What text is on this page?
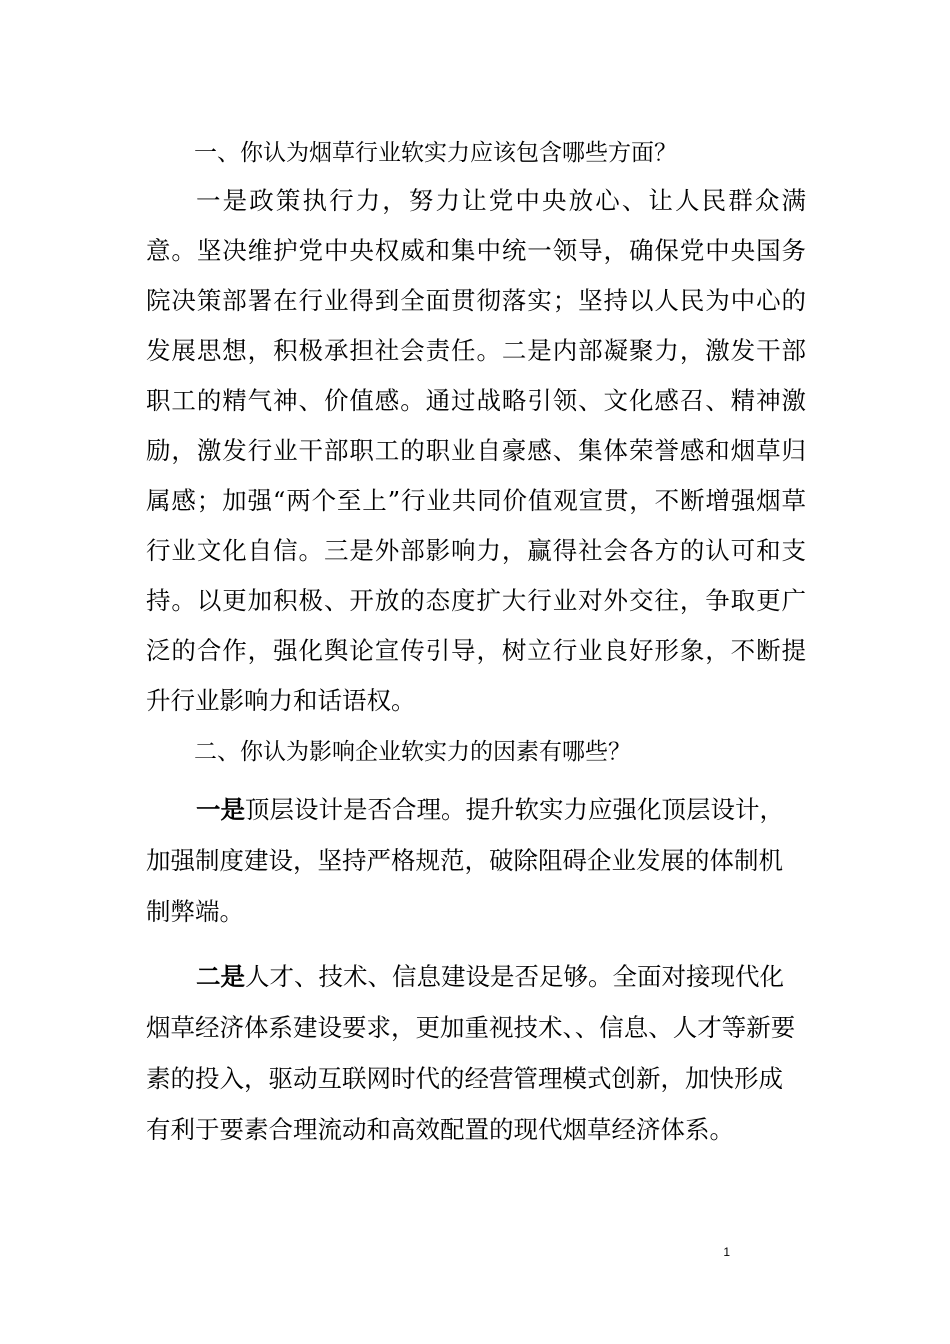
一、你认为烟草行业软实力应该包含哪些方面？
一是政策执行力，努力让党中央放心、让人民群众满意。坚决维护党中央权威和集中统一领导，确保党中央国务院决策部署在行业得到全面贯彻落实；坚持以人民为中心的发展思想，积极承担社会责任。二是内部凝聚力，激发干部职工的精气神、价值感。通过战略引领、文化感召、精神激励，激发行业干部职工的职业自豪感、集体荣誉感和烟草归属感；加强“两个至上”行业共同价值观宣贯，不断增强烟草行业文化自信。三是外部影响力，赢得社会各方的认可和支持。以更加积极、开放的态度扩大行业对外交往，争取更广泛的合作，强化舆论宣传引导，树立行业良好形象，不断提升行业影响力和话语权。
二、你认为影响企业软实力的因素有哪些？
一是顶层设计是否合理。提升软实力应强化顶层设计，加强制度建设，坚持严格规范，破除阻碍企业发展的体制机制弊端。
二是人才、技术、信息建设是否足够。全面对接现代化烟草经济体系建设要求，更加重视技术、、信息、人才等新要素的投入，驱动互联网时代的经营管理模式创新，加快形成有利于要素合理流动和高效配置的现代烟草经济体系。
1
